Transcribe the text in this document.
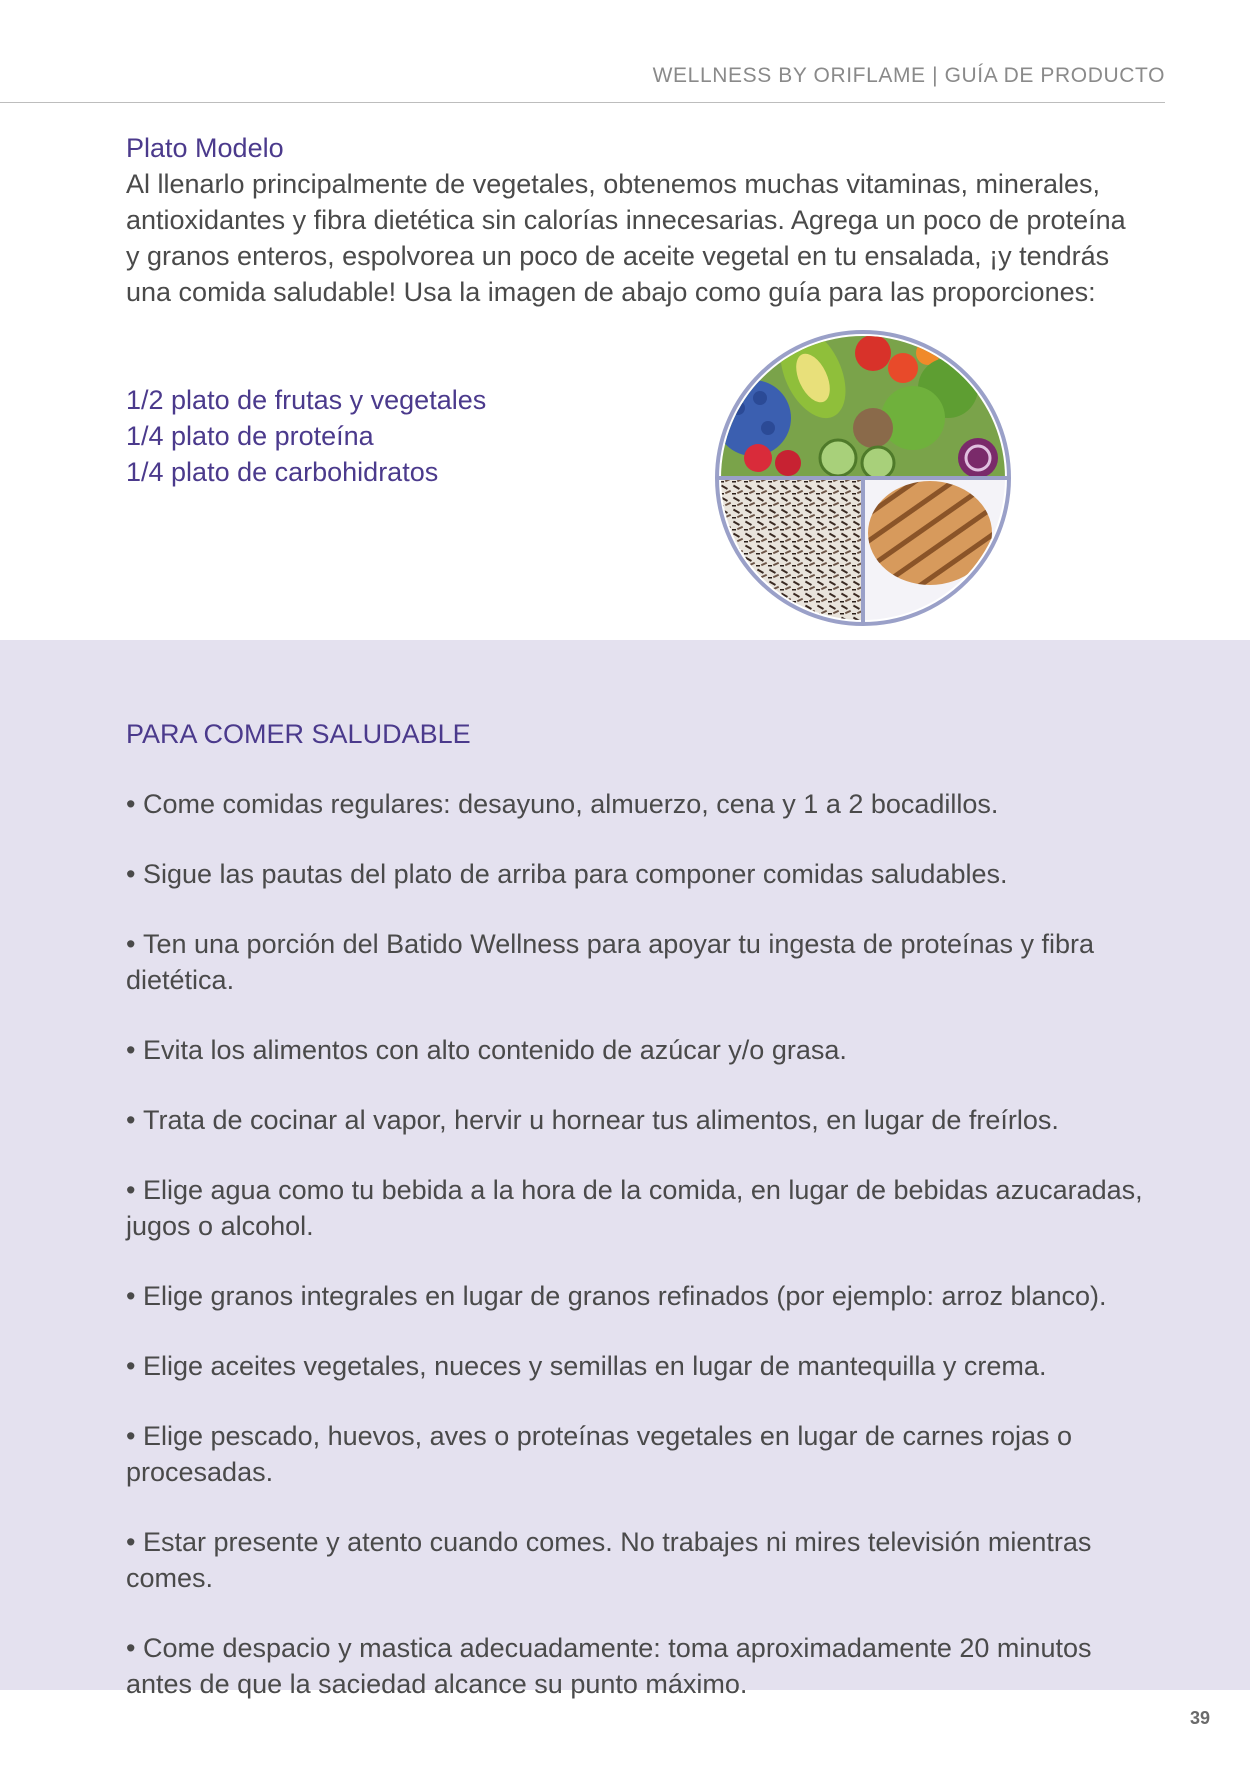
WELLNESS BY ORIFLAME | GUÍA DE PRODUCTO

Plato Modelo

Al llenarlo principalmente de vegetales, obtenemos muchas vitaminas, minerales, antioxidantes y fibra dietética sin calorías innecesarias. Agrega un poco de proteína y granos enteros, espolvorea un poco de aceite vegetal en tu ensalada, ¡y tendrás una comida saludable! Usa la imagen de abajo como guía para las proporciones:

1/2 plato de frutas y vegetales
1/4 plato de proteína
1/4 plato de carbohidratos

PARA COMER SALUDABLE

• Come comidas regulares: desayuno, almuerzo, cena y 1 a 2 bocadillos.
• Sigue las pautas del plato de arriba para componer comidas saludables.
• Ten una porción del Batido Wellness para apoyar tu ingesta de proteínas y fibra dietética.
• Evita los alimentos con alto contenido de azúcar y/o grasa.
• Trata de cocinar al vapor, hervir u hornear tus alimentos, en lugar de freírlos.
• Elige agua como tu bebida a la hora de la comida, en lugar de bebidas azucaradas, jugos o alcohol.
• Elige granos integrales en lugar de granos refinados (por ejemplo: arroz blanco).
• Elige aceites vegetales, nueces y semillas en lugar de mantequilla y crema.
• Elige pescado, huevos, aves o proteínas vegetales en lugar de carnes rojas o procesadas.
• Estar presente y atento cuando comes. No trabajes ni mires televisión mientras comes.
• Come despacio y mastica adecuadamente: toma aproximadamente 20 minutos antes de que la saciedad alcance su punto máximo.
39
